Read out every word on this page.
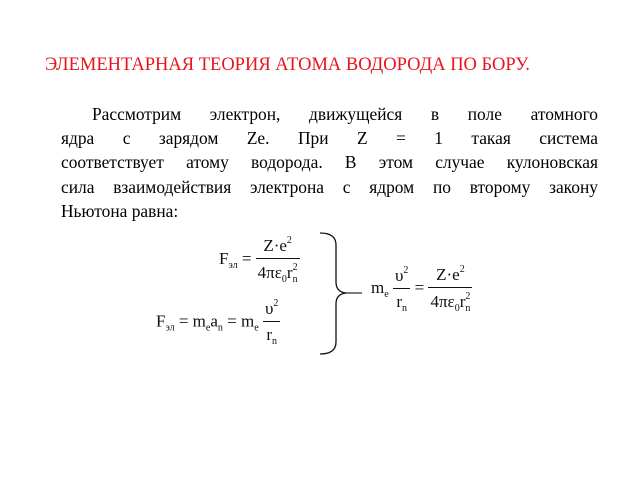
ЭЛЕМЕНТАРНАЯ ТЕОРИЯ АТОМА ВОДОРОДА ПО БОРУ.
Рассмотрим электрон, движущейся в поле атомного
ядра с зарядом Ze. При Z = 1 такая система
соответствует атому водорода. В этом случае кулоновская
сила взаимодействия электрона с ядром по второму закону
Ньютона равна:
$F_{эл} = \frac{Z\cdot e^2}{4\pi\varepsilon_0r_n^2}$
$F_{эл} = m_ea_n = m_e \frac{\upsilon^2}{r_n}$
$m_e \frac{\upsilon^2}{r_n} = \frac{Z\cdot e^2}{4\pi\varepsilon_0r_n^2}$
